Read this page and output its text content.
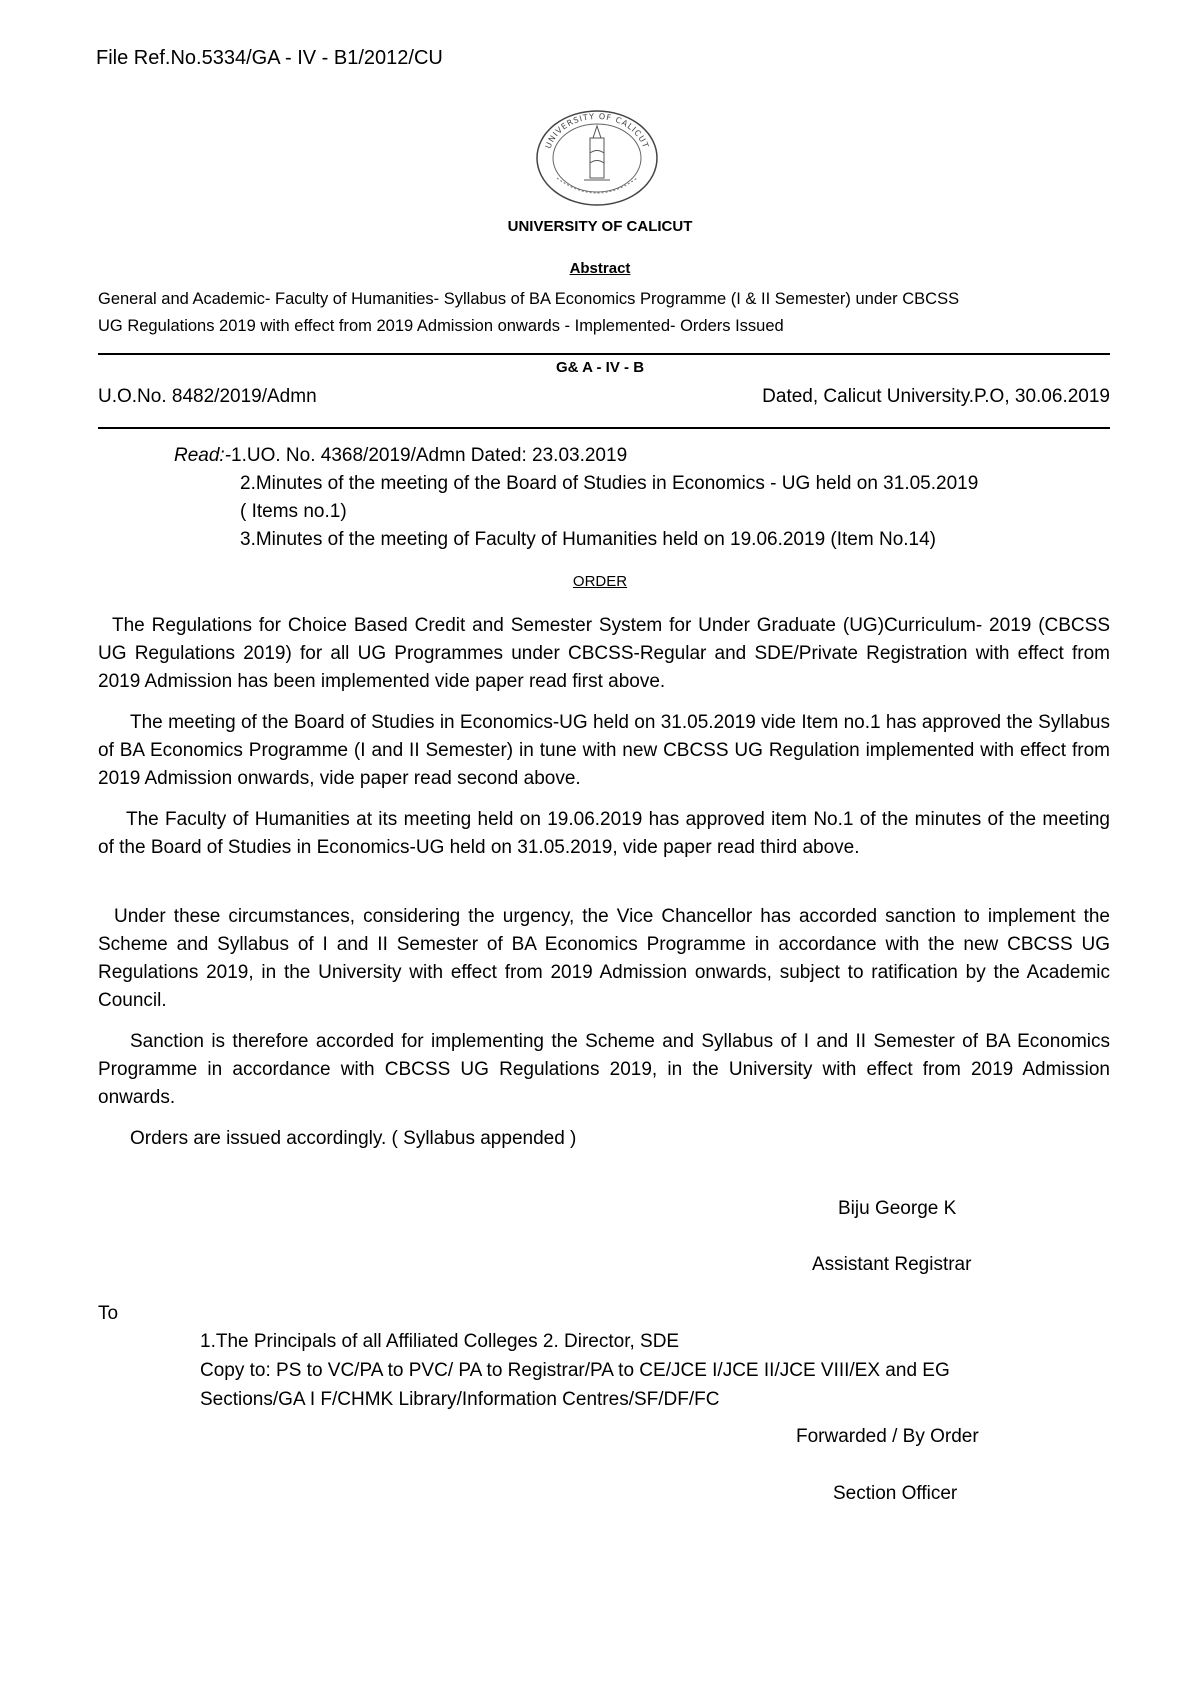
File Ref.No.5334/GA - IV - B1/2012/CU
UNIVERSITY OF CALICUT
UNIVERSITY OF CALICUT
Abstract
General and Academic- Faculty of Humanities- Syllabus of BA Economics Programme (I & II Semester) under CBCSS
UG Regulations 2019 with effect from 2019 Admission onwards - Implemented- Orders Issued
G& A - IV - B
U.O.No. 8482/2019/Admn	Dated, Calicut University.P.O, 30.06.2019
Read:-1.UO. No. 4368/2019/Admn Dated: 23.03.2019
2.Minutes of the meeting of the Board of Studies in Economics - UG held on 31.05.2019
( Items no.1)
3.Minutes of the meeting of Faculty of Humanities held on 19.06.2019 (Item No.14)
ORDER

The Regulations for Choice Based Credit and Semester System for Under Graduate (UG)Curriculum- 2019 (CBCSS UG Regulations 2019) for all UG Programmes under CBCSS-Regular and SDE/Private Registration with effect from 2019 Admission has been implemented vide paper read first above.

The meeting of the Board of Studies in Economics-UG held on 31.05.2019 vide Item no.1 has approved the Syllabus of BA Economics Programme (I and II Semester) in tune with new CBCSS UG Regulation implemented with effect from 2019 Admission onwards, vide paper read second above.

The Faculty of Humanities at its meeting held on 19.06.2019 has approved item No.1 of the minutes of the meeting of the Board of Studies in Economics-UG held on 31.05.2019, vide paper read third above.

Under these circumstances, considering the urgency, the Vice Chancellor has accorded sanction to implement the Scheme and Syllabus of I and II Semester of BA Economics Programme in accordance with the new CBCSS UG Regulations 2019, in the University with effect from 2019 Admission onwards, subject to ratification by the Academic Council.

Sanction is therefore accorded for implementing the Scheme and Syllabus of I and II Semester of BA Economics Programme in accordance with CBCSS UG Regulations 2019, in the University with effect from 2019 Admission onwards.

Orders are issued accordingly. ( Syllabus appended )

Biju George K
Assistant Registrar
To
1.The Principals of all Affiliated Colleges 2. Director, SDE
Copy to: PS to VC/PA to PVC/ PA to Registrar/PA to CE/JCE I/JCE II/JCE VIII/EX and EG
Sections/GA I F/CHMK Library/Information Centres/SF/DF/FC
Forwarded / By Order
Section Officer
